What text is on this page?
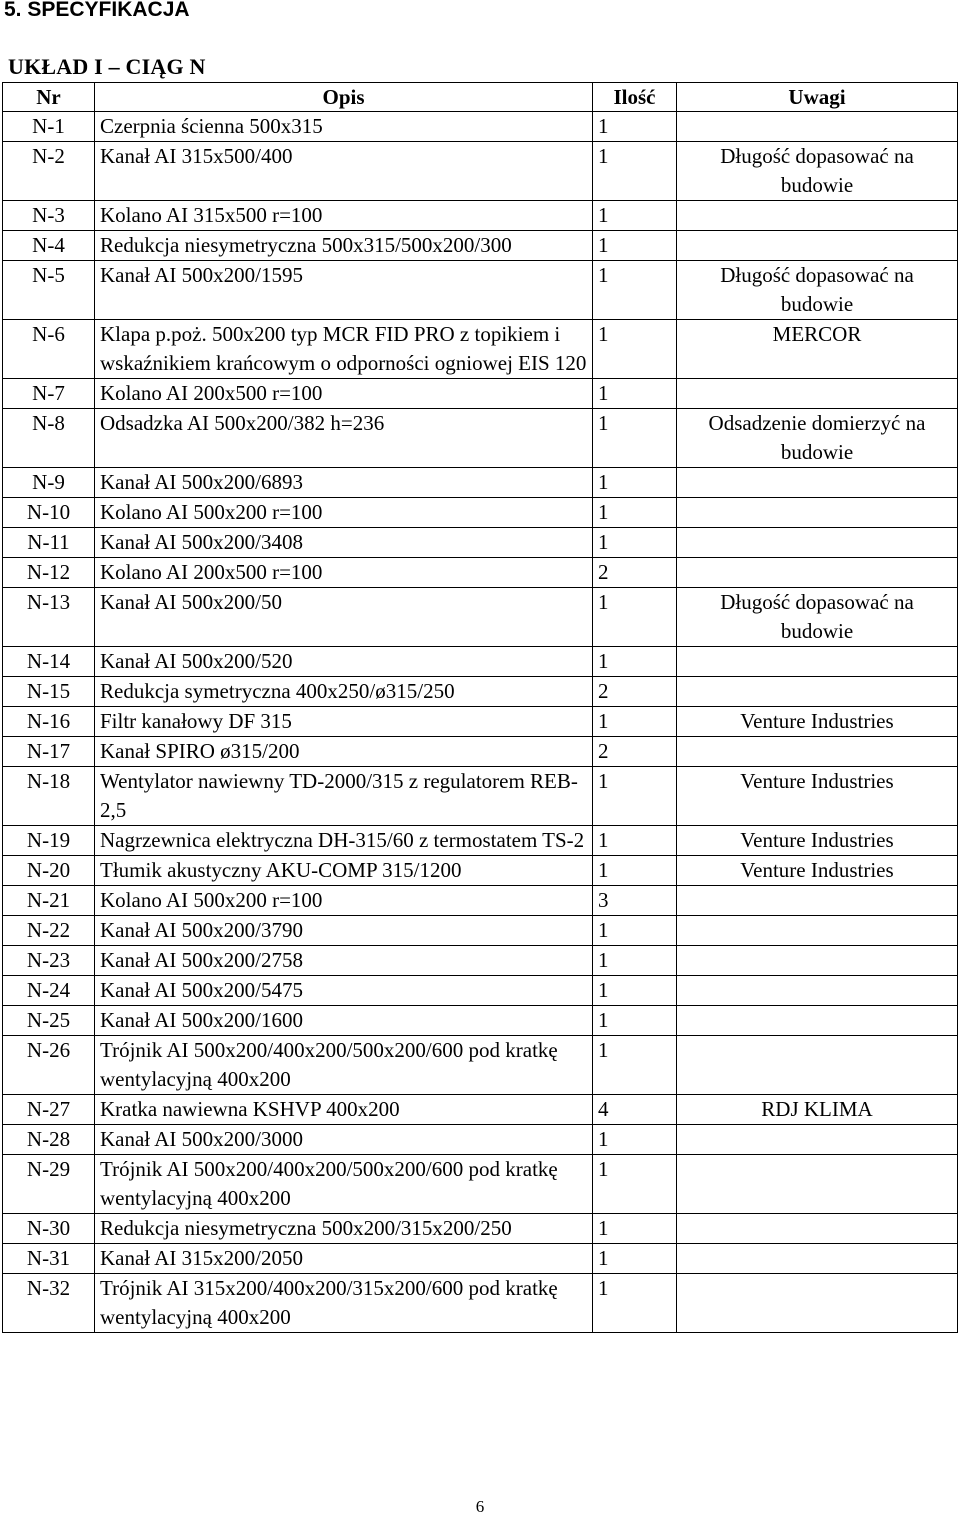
5. SPECYFIKACJA
UKŁAD I – CIĄG N
Nr	Opis	Ilość	Uwagi
N-1	Czerpnia ścienna 500x315	1	
N-2	Kanał AI 315x500/400	1	Długość dopasować na budowie
N-3	Kolano AI 315x500 r=100	1	
N-4	Redukcja niesymetryczna 500x315/500x200/300	1	
N-5	Kanał AI 500x200/1595	1	Długość dopasować na budowie
N-6	Klapa p.poż. 500x200 typ MCR FID PRO z topikiem i wskaźnikiem krańcowym o odporności ogniowej EIS 120	1	MERCOR
N-7	Kolano AI 200x500 r=100	1	
N-8	Odsadzka AI 500x200/382 h=236	1	Odsadzenie domierzyć na budowie
N-9	Kanał AI 500x200/6893	1	
N-10	Kolano AI 500x200 r=100	1	
N-11	Kanał AI 500x200/3408	1	
N-12	Kolano AI 200x500 r=100	2	
N-13	Kanał AI 500x200/50	1	Długość dopasować na budowie
N-14	Kanał AI 500x200/520	1	
N-15	Redukcja symetryczna 400x250/ø315/250	2	
N-16	Filtr kanałowy DF 315	1	Venture Industries
N-17	Kanał SPIRO ø315/200	2	
N-18	Wentylator nawiewny TD-2000/315 z regulatorem REB-2,5	1	Venture Industries
N-19	Nagrzewnica elektryczna DH-315/60 z termostatem TS-2	1	Venture Industries
N-20	Tłumik akustyczny AKU-COMP 315/1200	1	Venture Industries
N-21	Kolano AI 500x200 r=100	3	
N-22	Kanał AI 500x200/3790	1	
N-23	Kanał AI 500x200/2758	1	
N-24	Kanał AI 500x200/5475	1	
N-25	Kanał AI 500x200/1600	1	
N-26	Trójnik AI 500x200/400x200/500x200/600 pod kratkę wentylacyjną 400x200	1	
N-27	Kratka nawiewna KSHVP 400x200	4	RDJ KLIMA
N-28	Kanał AI 500x200/3000	1	
N-29	Trójnik AI 500x200/400x200/500x200/600 pod kratkę wentylacyjną 400x200	1	
N-30	Redukcja niesymetryczna 500x200/315x200/250	1	
N-31	Kanał AI 315x200/2050	1	
N-32	Trójnik AI 315x200/400x200/315x200/600 pod kratkę wentylacyjną 400x200	1	
6
